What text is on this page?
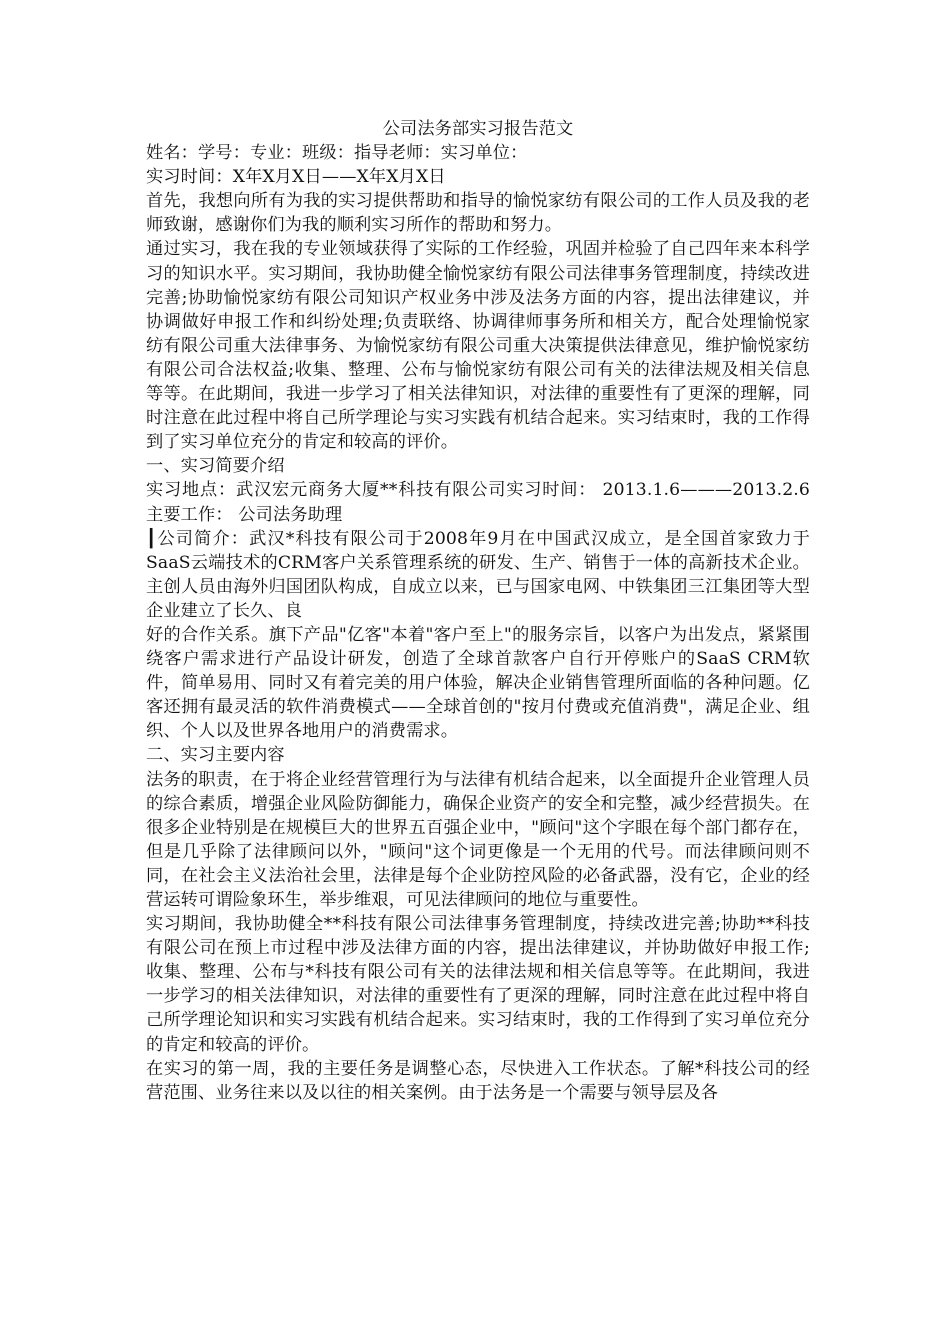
公司法务部实习报告范文

姓名：学号：专业：班级：指导老师：实习单位：

实习时间：X年X月X日——X年X月X日

首先，我想向所有为我的实习提供帮助和指导的愉悦家纺有限公司的工作人员及我的老师致谢，感谢你们为我的顺利实习所作的帮助和努力。

通过实习，我在我的专业领域获得了实际的工作经验，巩固并检验了自己四年来本科学习的知识水平。实习期间，我协助健全愉悦家纺有限公司法律事务管理制度，持续改进完善;协助愉悦家纺有限公司知识产权业务中涉及法务方面的内容，提出法律建议，并协调做好申报工作和纠纷处理;负责联络、协调律师事务所和相关方，配合处理愉悦家纺有限公司重大法律事务、为愉悦家纺有限公司重大决策提供法律意见，维护愉悦家纺有限公司合法权益;收集、整理、公布与愉悦家纺有限公司有关的法律法规及相关信息等等。在此期间，我进一步学习了相关法律知识，对法律的重要性有了更深的理解，同时注意在此过程中将自己所学理论与实习实践有机结合起来。实习结束时，我的工作得到了实习单位充分的肯定和较高的评价。

一、实习简要介绍

实习地点：武汉宏元商务大厦**科技有限公司实习时间： 2013.1.6———2013.2.6 主要工作： 公司法务助理

┃公司简介：武汉*科技有限公司于2008年9月在中国武汉成立，是全国首家致力于SaaS云端技术的CRM客户关系管理系统的研发、生产、销售于一体的高新技术企业。主创人员由海外归国团队构成，自成立以来，已与国家电网、中铁集团三江集团等大型企业建立了长久、良

好的合作关系。旗下产品"亿客"本着"客户至上"的服务宗旨，以客户为出发点，紧紧围绕客户需求进行产品设计研发，创造了全球首款客户自行开停账户的SaaS CRM软件，简单易用、同时又有着完美的用户体验，解决企业销售管理所面临的各种问题。亿客还拥有最灵活的软件消费模式——全球首创的"按月付费或充值消费"，满足企业、组织、个人以及世界各地用户的消费需求。

二、实习主要内容

法务的职责，在于将企业经营管理行为与法律有机结合起来，以全面提升企业管理人员的综合素质，增强企业风险防御能力，确保企业资产的安全和完整，减少经营损失。在很多企业特别是在规模巨大的世界五百强企业中，"顾问"这个字眼在每个部门都存在，但是几乎除了法律顾问以外，"顾问"这个词更像是一个无用的代号。而法律顾问则不同，在社会主义法治社会里，法律是每个企业防控风险的必备武器，没有它，企业的经营运转可谓险象环生，举步维艰，可见法律顾问的地位与重要性。

实习期间，我协助健全**科技有限公司法律事务管理制度，持续改进完善;协助**科技有限公司在预上市过程中涉及法律方面的内容，提出法律建议，并协助做好申报工作;收集、整理、公布与*科技有限公司有关的法律法规和相关信息等等。在此期间，我进一步学习的相关法律知识，对法律的重要性有了更深的理解，同时注意在此过程中将自己所学理论知识和实习实践有机结合起来。实习结束时，我的工作得到了实习单位充分的肯定和较高的评价。

在实习的第一周，我的主要任务是调整心态，尽快进入工作状态。了解*科技公司的经营范围、业务往来以及以往的相关案例。由于法务是一个需要与领导层及各
